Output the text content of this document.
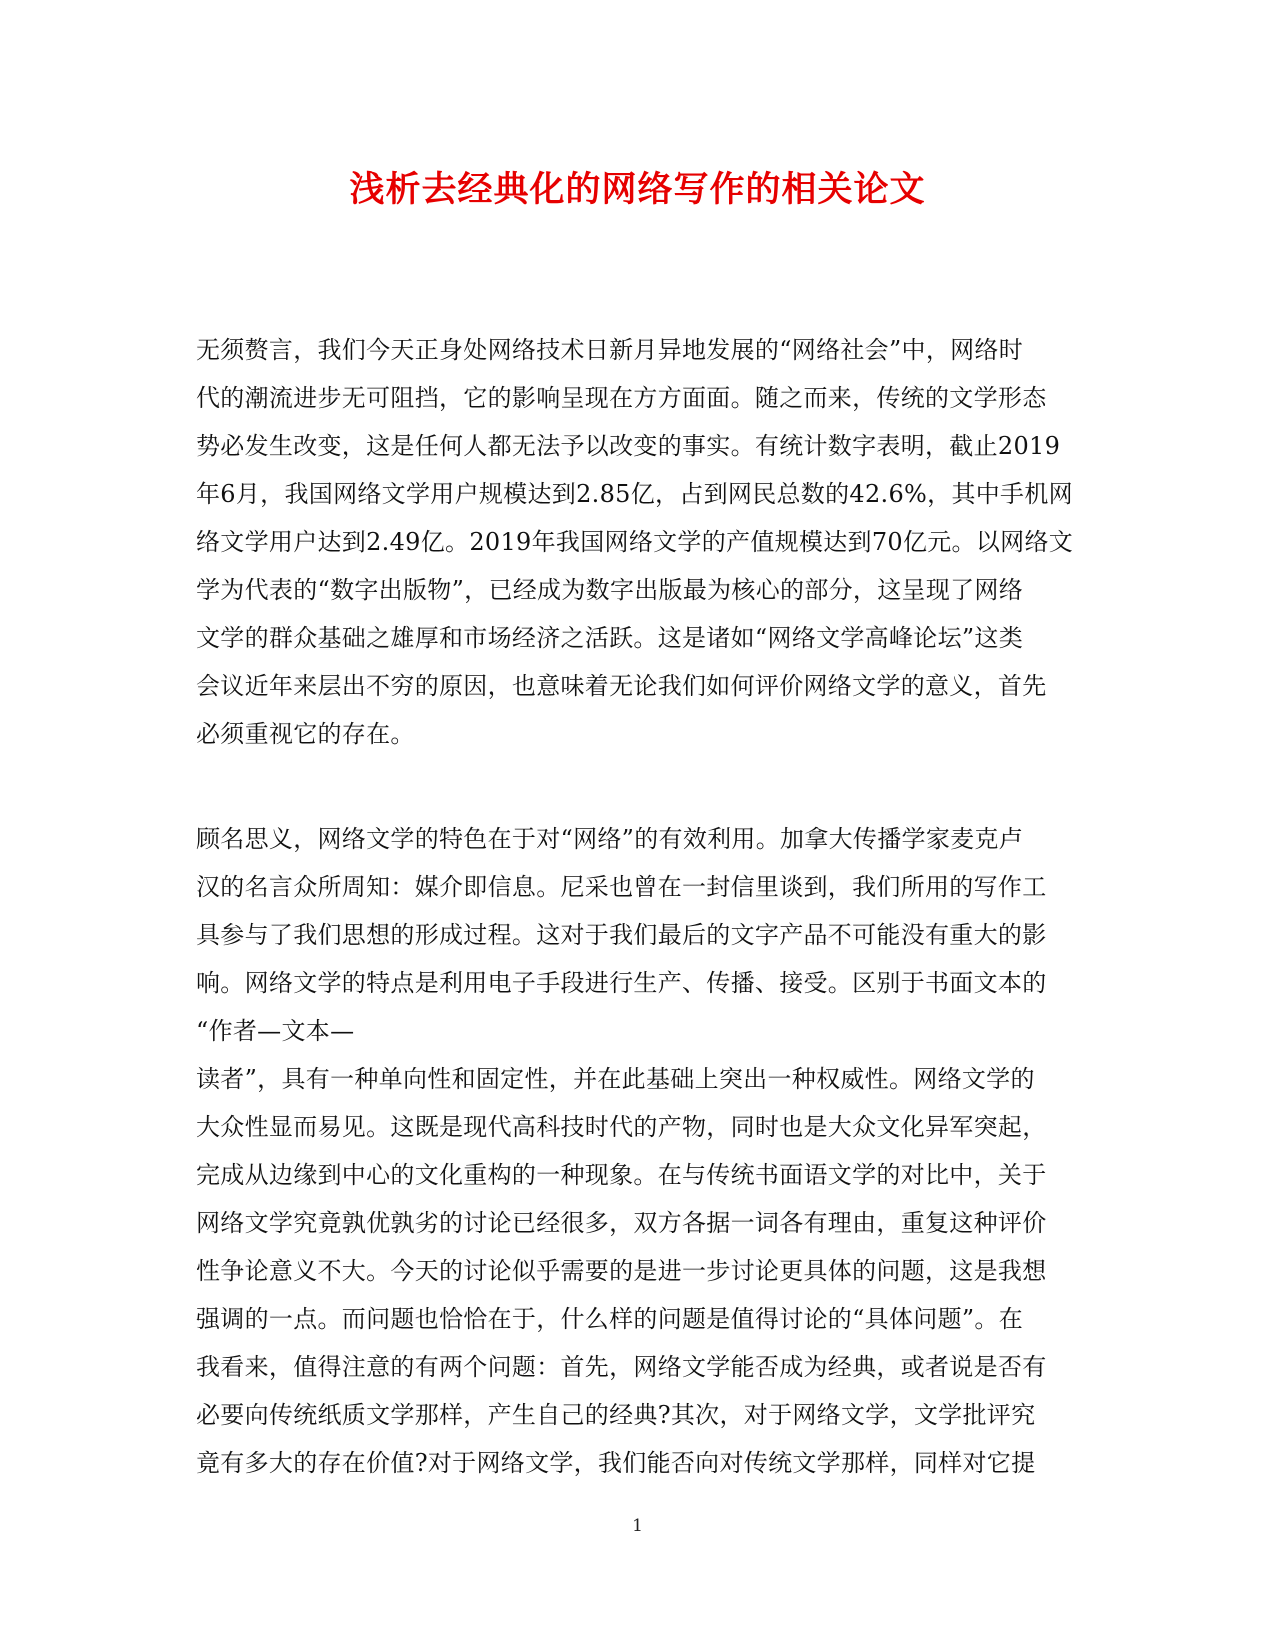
浅析去经典化的网络写作的相关论文
无须赘言，我们今天正身处网络技术日新月异地发展的“网络社会”中，网络时
代的潮流进步无可阻挡，它的影响呈现在方方面面。随之而来，传统的文学形态
势必发生改变，这是任何人都无法予以改变的事实。有统计数字表明，截止2019
年6月，我国网络文学用户规模达到2.85亿，占到网民总数的42.6%，其中手机网
络文学用户达到2.49亿。2019年我国网络文学的产值规模达到70亿元。以网络文
学为代表的“数字出版物”，已经成为数字出版最为核心的部分，这呈现了网络
文学的群众基础之雄厚和市场经济之活跃。这是诸如“网络文学高峰论坛”这类
会议近年来层出不穷的原因，也意味着无论我们如何评价网络文学的意义，首先
必须重视它的存在。
顾名思义，网络文学的特色在于对“网络”的有效利用。加拿大传播学家麦克卢
汉的名言众所周知：媒介即信息。尼采也曾在一封信里谈到，我们所用的写作工
具参与了我们思想的形成过程。这对于我们最后的文字产品不可能没有重大的影
响。网络文学的特点是利用电子手段进行生产、传播、接受。区别于书面文本的
“作者—文本—
读者”，具有一种单向性和固定性，并在此基础上突出一种权威性。网络文学的
大众性显而易见。这既是现代高科技时代的产物，同时也是大众文化异军突起，
完成从边缘到中心的文化重构的一种现象。在与传统书面语文学的对比中，关于
网络文学究竟孰优孰劣的讨论已经很多，双方各据一词各有理由，重复这种评价
性争论意义不大。今天的讨论似乎需要的是进一步讨论更具体的问题，这是我想
强调的一点。而问题也恰恰在于，什么样的问题是值得讨论的“具体问题”。在
我看来，值得注意的有两个问题：首先，网络文学能否成为经典，或者说是否有
必要向传统纸质文学那样，产生自己的经典?其次，对于网络文学，文学批评究
竟有多大的存在价值?对于网络文学，我们能否向对传统文学那样，同样对它提
1
